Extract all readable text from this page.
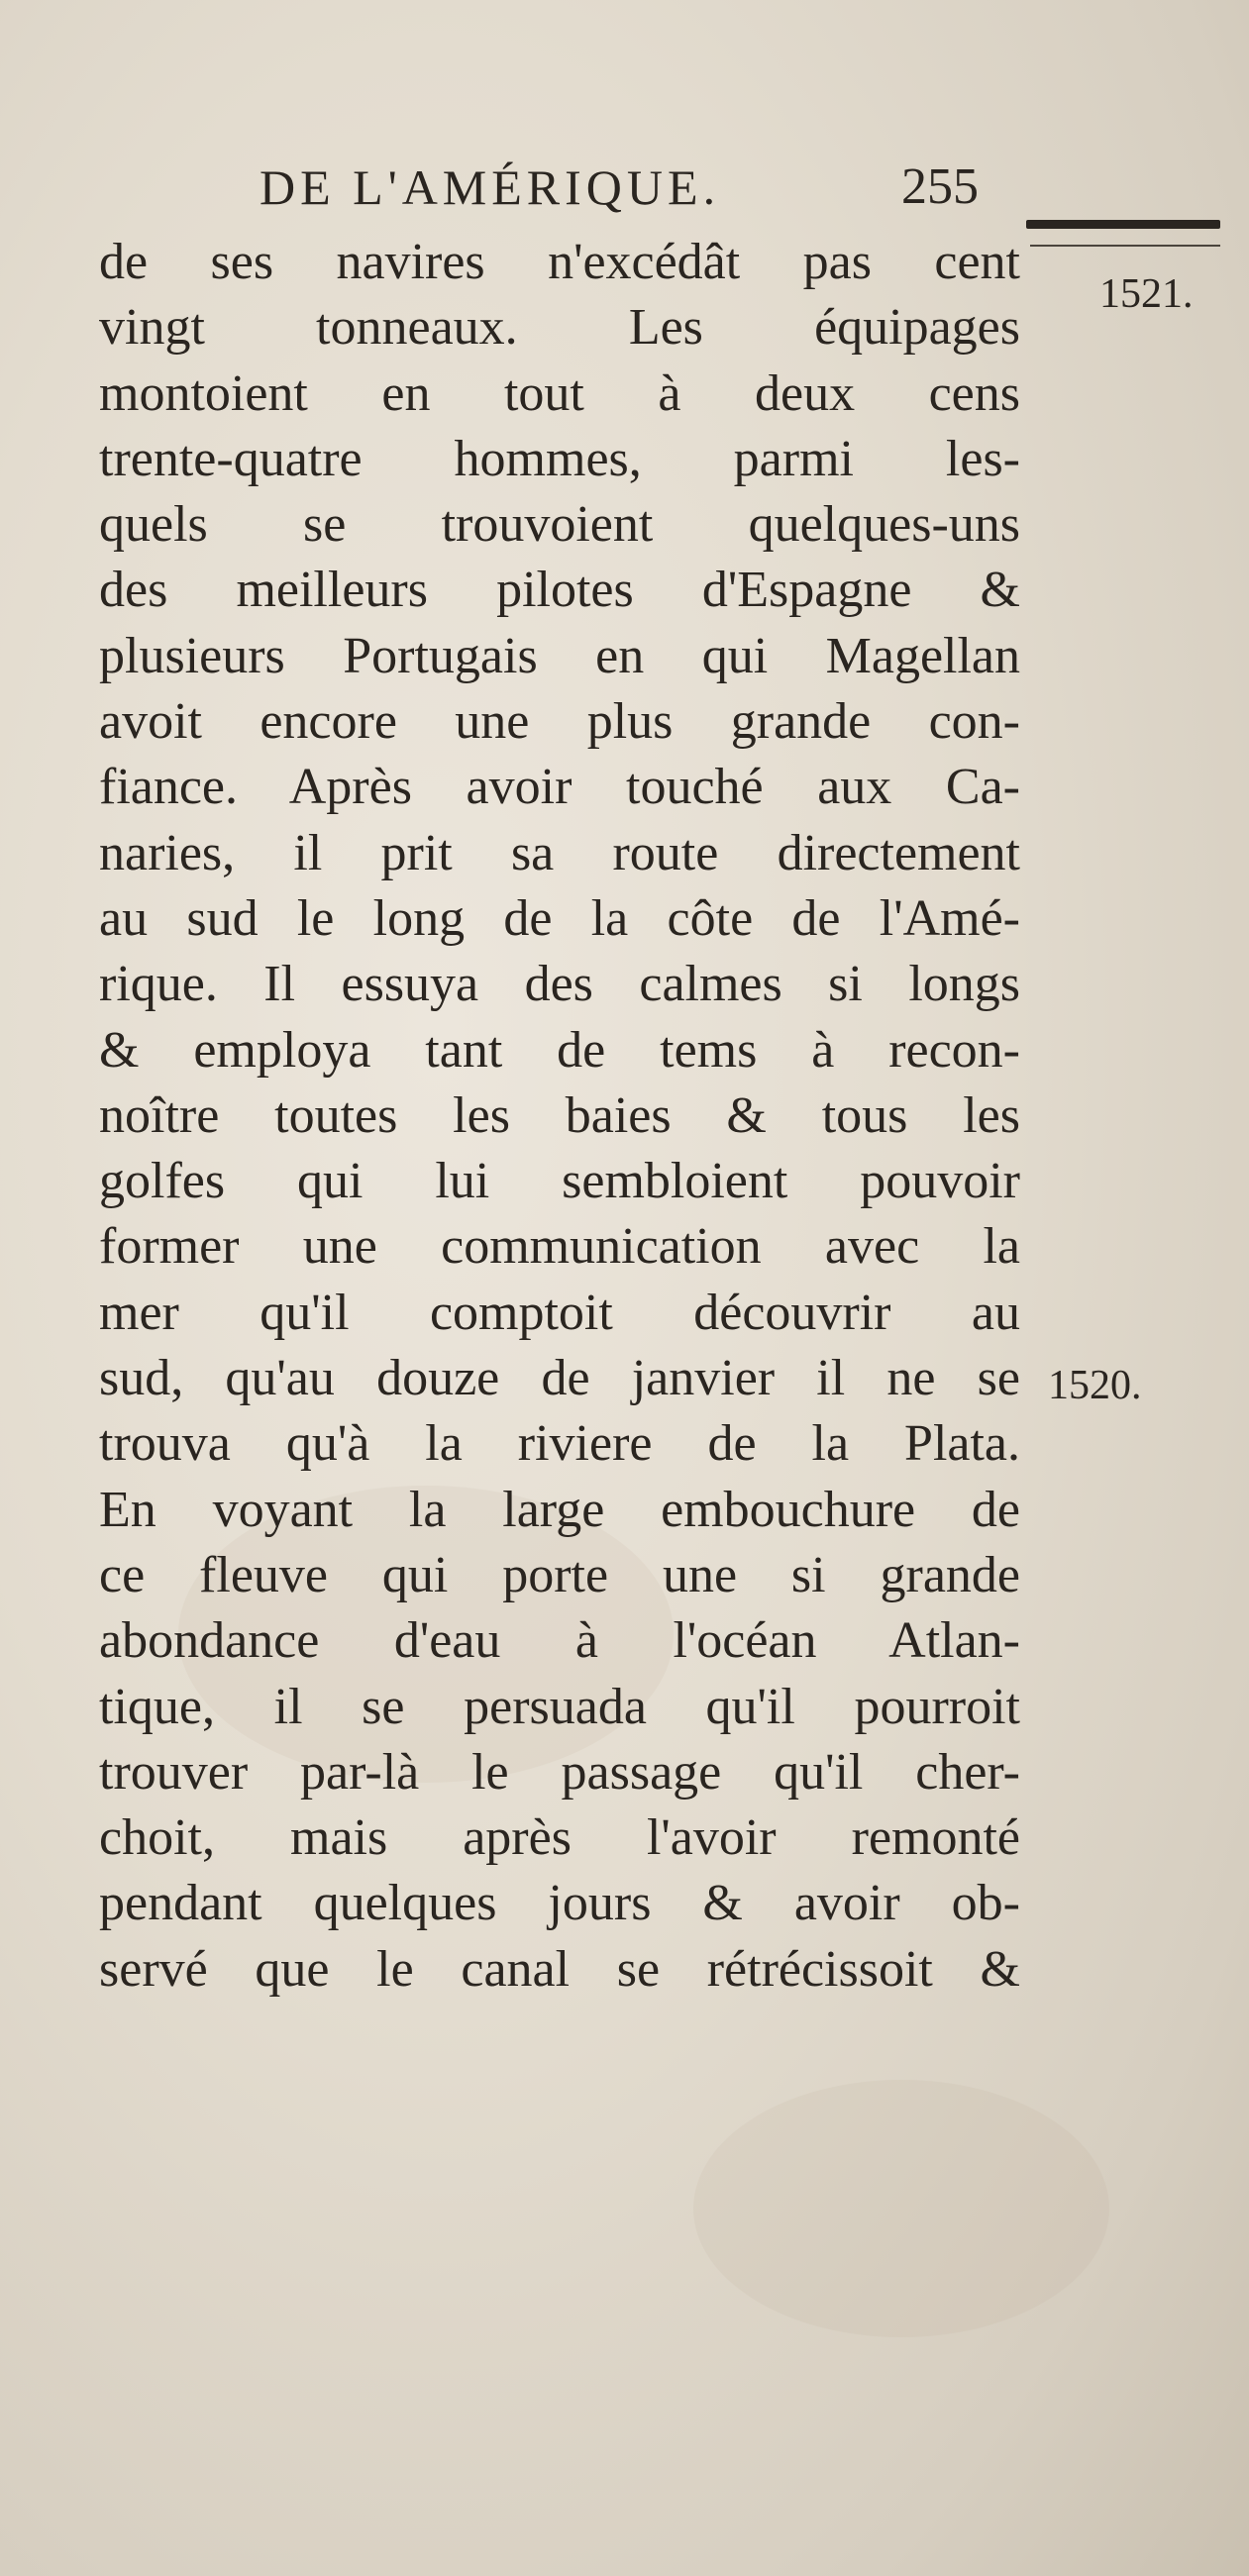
DE L'AMÉRIQUE.	255
1521.
1520.
de ses navires n'excédât pas cent
vingt tonneaux. Les équipages
montoient en tout à deux cens
trente-quatre hommes, parmi les-
quels se trouvoient quelques-uns
des meilleurs pilotes d'Espagne &
plusieurs Portugais en qui Magellan
avoit encore une plus grande con-
fiance. Après avoir touché aux Ca-
naries, il prit sa route directement
au sud le long de la côte de l'Amé-
rique. Il essuya des calmes si longs
& employa tant de tems à recon-
noître toutes les baies & tous les
golfes qui lui sembloient pouvoir
former une communication avec la
mer qu'il comptoit découvrir au
sud, qu'au douze de janvier il ne se
trouva qu'à la riviere de la Plata.
En voyant la large embouchure de
ce fleuve qui porte une si grande
abondance d'eau à l'océan Atlan-
tique, il se persuada qu'il pourroit
trouver par-là le passage qu'il cher-
choit, mais après l'avoir remonté
pendant quelques jours & avoir ob-
servé que le canal se rétrécissoit &
